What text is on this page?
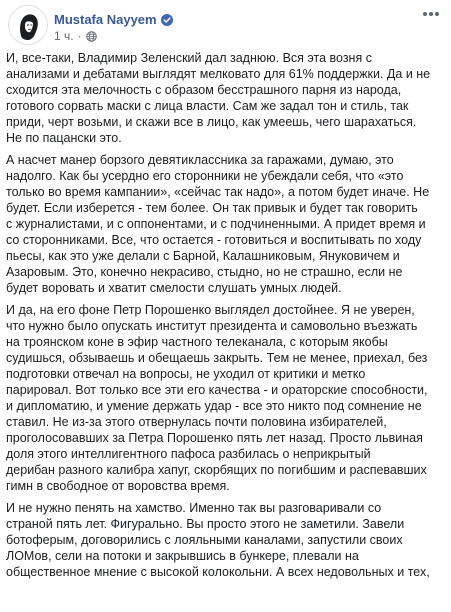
Mustafa Nayyem
1 ч. ·

И, все-таки, Владимир Зеленский дал заднюю. Вся эта возня с
анализами и дебатами выглядят мелковато для 61% поддержки. Да и не
сходится эта мелочность с образом бесстрашного парня из народа,
готового сорвать маски с лица власти. Сам же задал тон и стиль, так
приди, черт возьми, и скажи все в лицо, как умеешь, чего шарахаться.
Не по пацански это.

А насчет манер борзого девятиклассника за гаражами, думаю, это
надолго. Как бы усердно его сторонники не убеждали себя, что «это
только во время кампании», «сейчас так надо», а потом будет иначе. Не
будет. Если изберется - тем более. Он так привык и будет так говорить
с журналистами, и с оппонентами, и с подчиненными. А придет время и
со сторонниками. Все, что остается - готовиться и воспитывать по ходу
пьесы, как это уже делали с Барной, Калашниковым, Януковичем и
Азаровым. Это, конечно некрасиво, стыдно, но не страшно, если не
будет воровать и хватит смелости слушать умных людей.

И да, на его фоне Петр Порошенко выглядел достойнее. Я не уверен,
что нужно было опускать институт президента и самовольно въезжать
на троянском коне в эфир частного телеканала, с которым якобы
судишься, обзываешь и обещаешь закрыть. Тем не менее, приехал, без
подготовки отвечал на вопросы, не уходил от критики и метко
парировал. Вот только все эти его качества - и ораторские способности,
и дипломатию, и умение держать удар - все это никто под сомнение не
ставил. Не из-за этого отвернулась почти половина избирателей,
проголосовавших за Петра Порошенко пять лет назад. Просто львиная
доля этого интеллигентного пафоса разбилась о неприкрытый
дерибан разного калибра хапуг, скорбящих по погибшим и распевавших
гимн в свободное от воровства время.

И не нужно пенять на хамство. Именно так вы разговаривали со
страной пять лет. Фигурально. Вы просто этого не заметили. Завели
ботоферым, договорились с лояльными каналами, запустили своих
ЛОМов, сели на потоки и закрывшись в бункере, плевали на
общественное мнение с высокой колокольни. А всех недовольных и тех,
